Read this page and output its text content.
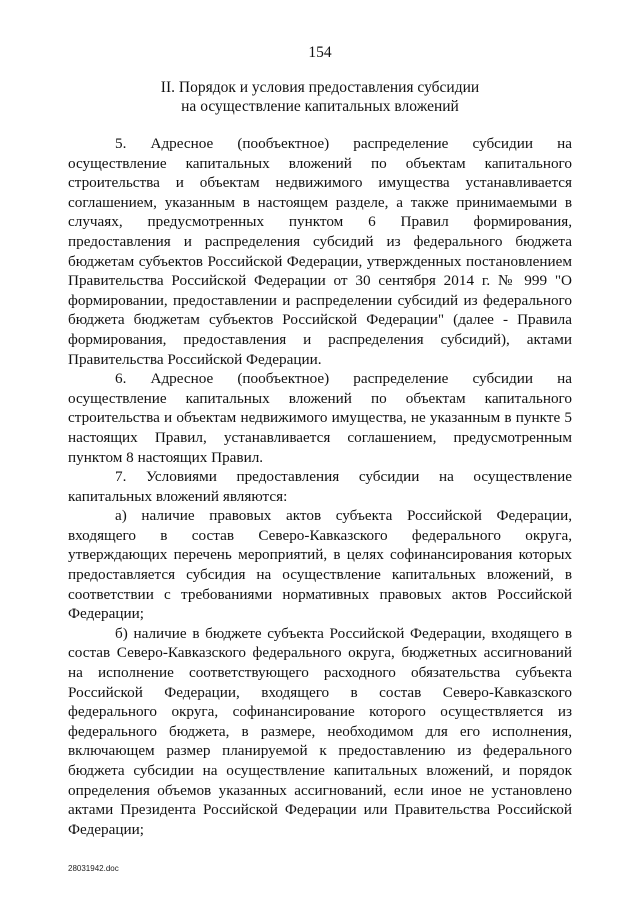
154
II. Порядок и условия предоставления субсидии
на осуществление капитальных вложений

5. Адресное (пообъектное) распределение субсидии на осуществление капитальных вложений по объектам капитального строительства и объектам недвижимого имущества устанавливается соглашением, указанным в настоящем разделе, а также принимаемыми в случаях, предусмотренных пунктом 6 Правил формирования, предоставления и распределения субсидий из федерального бюджета бюджетам субъектов Российской Федерации, утвержденных постановлением Правительства Российской Федерации от 30 сентября 2014 г. № 999 "О формировании, предоставлении и распределении субсидий из федерального бюджета бюджетам субъектов Российской Федерации" (далее - Правила формирования, предоставления и распределения субсидий), актами Правительства Российской Федерации.

6. Адресное (пообъектное) распределение субсидии на осуществление капитальных вложений по объектам капитального строительства и объектам недвижимого имущества, не указанным в пункте 5 настоящих Правил, устанавливается соглашением, предусмотренным пунктом 8 настоящих Правил.

7. Условиями предоставления субсидии на осуществление капитальных вложений являются:

а) наличие правовых актов субъекта Российской Федерации, входящего в состав Северо-Кавказского федерального округа, утверждающих перечень мероприятий, в целях софинансирования которых предоставляется субсидия на осуществление капитальных вложений, в соответствии с требованиями нормативных правовых актов Российской Федерации;

б) наличие в бюджете субъекта Российской Федерации, входящего в состав Северо-Кавказского федерального округа, бюджетных ассигнований на исполнение соответствующего расходного обязательства субъекта Российской Федерации, входящего в состав Северо-Кавказского федерального округа, софинансирование которого осуществляется из федерального бюджета, в размере, необходимом для его исполнения, включающем размер планируемой к предоставлению из федерального бюджета субсидии на осуществление капитальных вложений, и порядок определения объемов указанных ассигнований, если иное не установлено актами Президента Российской Федерации или Правительства Российской Федерации;

28031942.doc
